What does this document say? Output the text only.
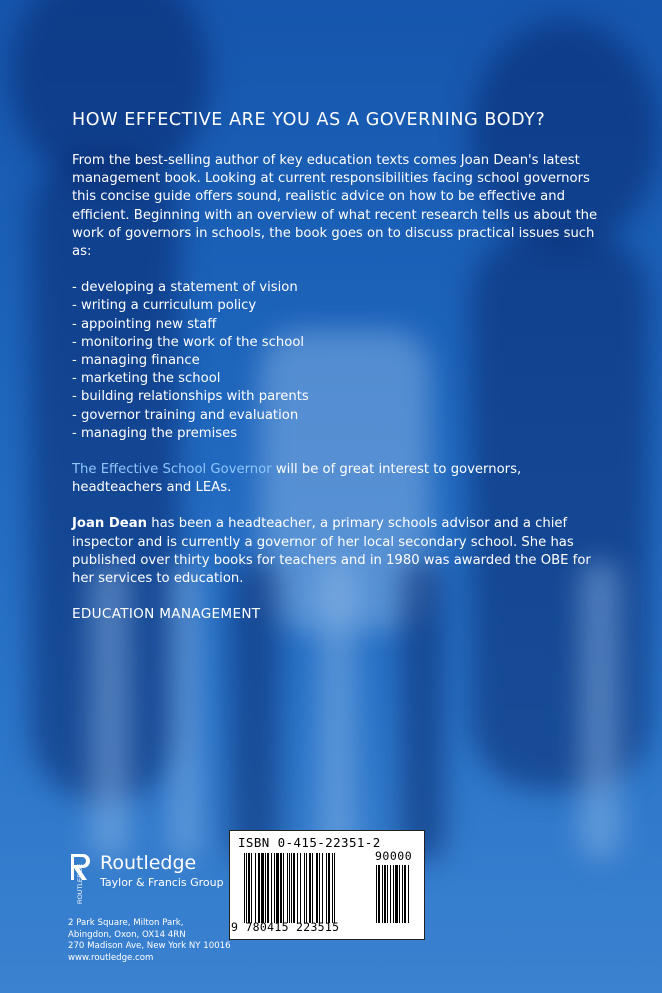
HOW EFFECTIVE ARE YOU AS A GOVERNING BODY?

From the best-selling author of key education texts comes Joan Dean's latest management book. Looking at current responsibilities facing school governors this concise guide offers sound, realistic advice on how to be effective and efficient. Beginning with an overview of what recent research tells us about the work of governors in schools, the book goes on to discuss practical issues such as:

- developing a statement of vision
- writing a curriculum policy
- appointing new staff
- monitoring the work of the school
- managing finance
- marketing the school
- building relationships with parents
- governor training and evaluation
- managing the premises

The Effective School Governor will be of great interest to governors, headteachers and LEAs.

Joan Dean has been a headteacher, a primary schools advisor and a chief inspector and is currently a governor of her local secondary school. She has published over thirty books for teachers and in 1980 was awarded the OBE for her services to education.

EDUCATION MANAGEMENT
ROUTLEDGE
Routledge
Taylor & Francis Group
2 Park Square, Milton Park,
Abingdon, Oxon, OX14 4RN
270 Madison Ave, New York NY 10016
www.routledge.com
ISBN 0-415-22351-2
90000
9 780415 223515
